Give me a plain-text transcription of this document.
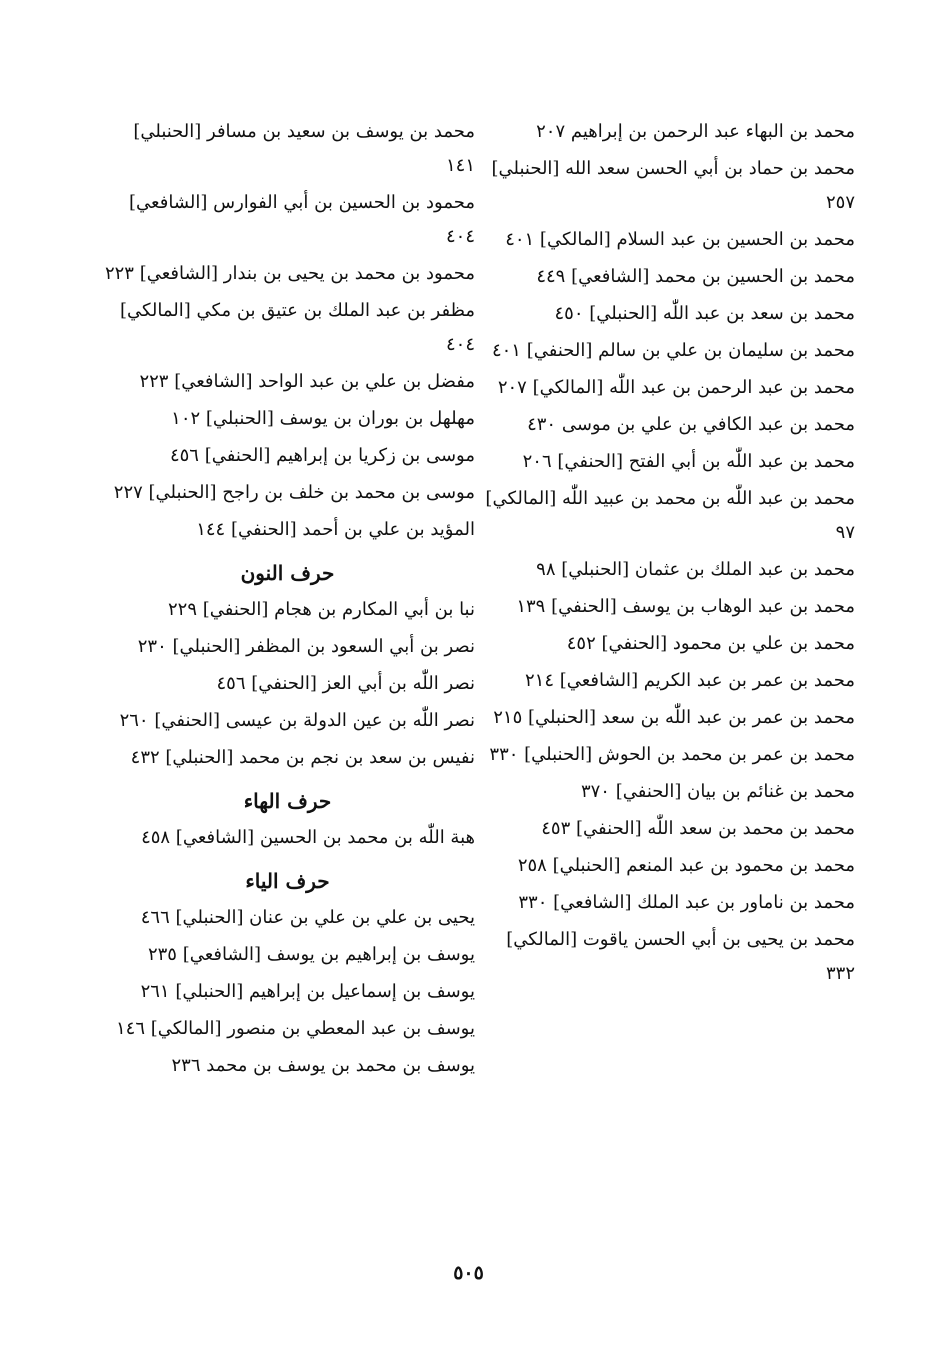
محمد بن البهاء عبد الرحمن بن إبراهيم ٢٠٧
محمد بن حماد بن أبي الحسن سعد الله [الحنبلي] ٢٥٧
محمد بن الحسين بن عبد السلام [المالكي] ٤٠١
محمد بن الحسين بن محمد [الشافعي] ٤٤٩
محمد بن سعد بن عبد اللّٰه [الحنبلي] ٤٥٠
محمد بن سليمان بن علي بن سالم [الحنفي] ٤٠١
محمد بن عبد الرحمن بن عبد اللّٰه [المالكي] ٢٠٧
محمد بن عبد الكافي بن علي بن موسى ٤٣٠
محمد بن عبد اللّٰه بن أبي الفتح [الحنفي] ٢٠٦
محمد بن عبد اللّٰه بن محمد بن عبيد اللّٰه [المالكي] ٩٧
محمد بن عبد الملك بن عثمان [الحنبلي] ٩٨
محمد بن عبد الوهاب بن يوسف [الحنفي] ١٣٩
محمد بن علي بن محمود [الحنفي] ٤٥٢
محمد بن عمر بن عبد الكريم [الشافعي] ٢١٤
محمد بن عمر بن عبد اللّٰه بن سعد [الحنبلي] ٢١٥
محمد بن عمر بن محمد بن الحوش [الحنبلي] ٣٣٠
محمد بن غنائم بن بيان [الحنفي] ٣٧٠
محمد بن محمد بن سعد اللّٰه [الحنفي] ٤٥٣
محمد بن محمود بن عبد المنعم [الحنبلي] ٢٥٨
محمد بن ناماور بن عبد الملك [الشافعي] ٣٣٠
محمد بن يحيى بن أبي الحسن ياقوت [المالكي] ٣٣٢
محمد بن يوسف بن سعيد بن مسافر [الحنبلي] ١٤١
محمود بن الحسين بن أبي الفوارس [الشافعي] ٤٠٤
محمود بن محمد بن يحيى بن بندار [الشافعي] ٢٢٣
مظفر بن عبد الملك بن عتيق بن مكي [المالكي] ٤٠٤
مفضل بن علي بن عبد الواحد [الشافعي] ٢٢٣
مهلهل بن بوران بن يوسف [الحنبلي] ١٠٢
موسى بن زكريا بن إبراهيم [الحنفي] ٤٥٦
موسى بن محمد بن خلف بن راجح [الحنبلي] ٢٢٧
المؤيد بن علي بن أحمد [الحنفي] ١٤٤
حرف النون
نبا بن أبي المكارم بن هجام [الحنفي] ٢٢٩
نصر بن أبي السعود بن المظفر [الحنبلي] ٢٣٠
نصر اللّٰه بن أبي العز [الحنفي] ٤٥٦
نصر اللّٰه بن عين الدولة بن عيسى [الحنفي] ٢٦٠
نفيس بن سعد بن نجم بن محمد [الحنبلي] ٤٣٢
حرف الهاء
هبة اللّٰه بن محمد بن الحسين [الشافعي] ٤٥٨
حرف الياء
يحيى بن علي بن علي بن عنان [الحنبلي] ٤٦٦
يوسف بن إبراهيم بن يوسف [الشافعي] ٢٣٥
يوسف بن إسماعيل بن إبراهيم [الحنبلي] ٢٦١
يوسف بن عبد المعطي بن منصور [المالكي] ١٤٦
يوسف بن محمد بن يوسف بن محمد ٢٣٦
٥٠٥
